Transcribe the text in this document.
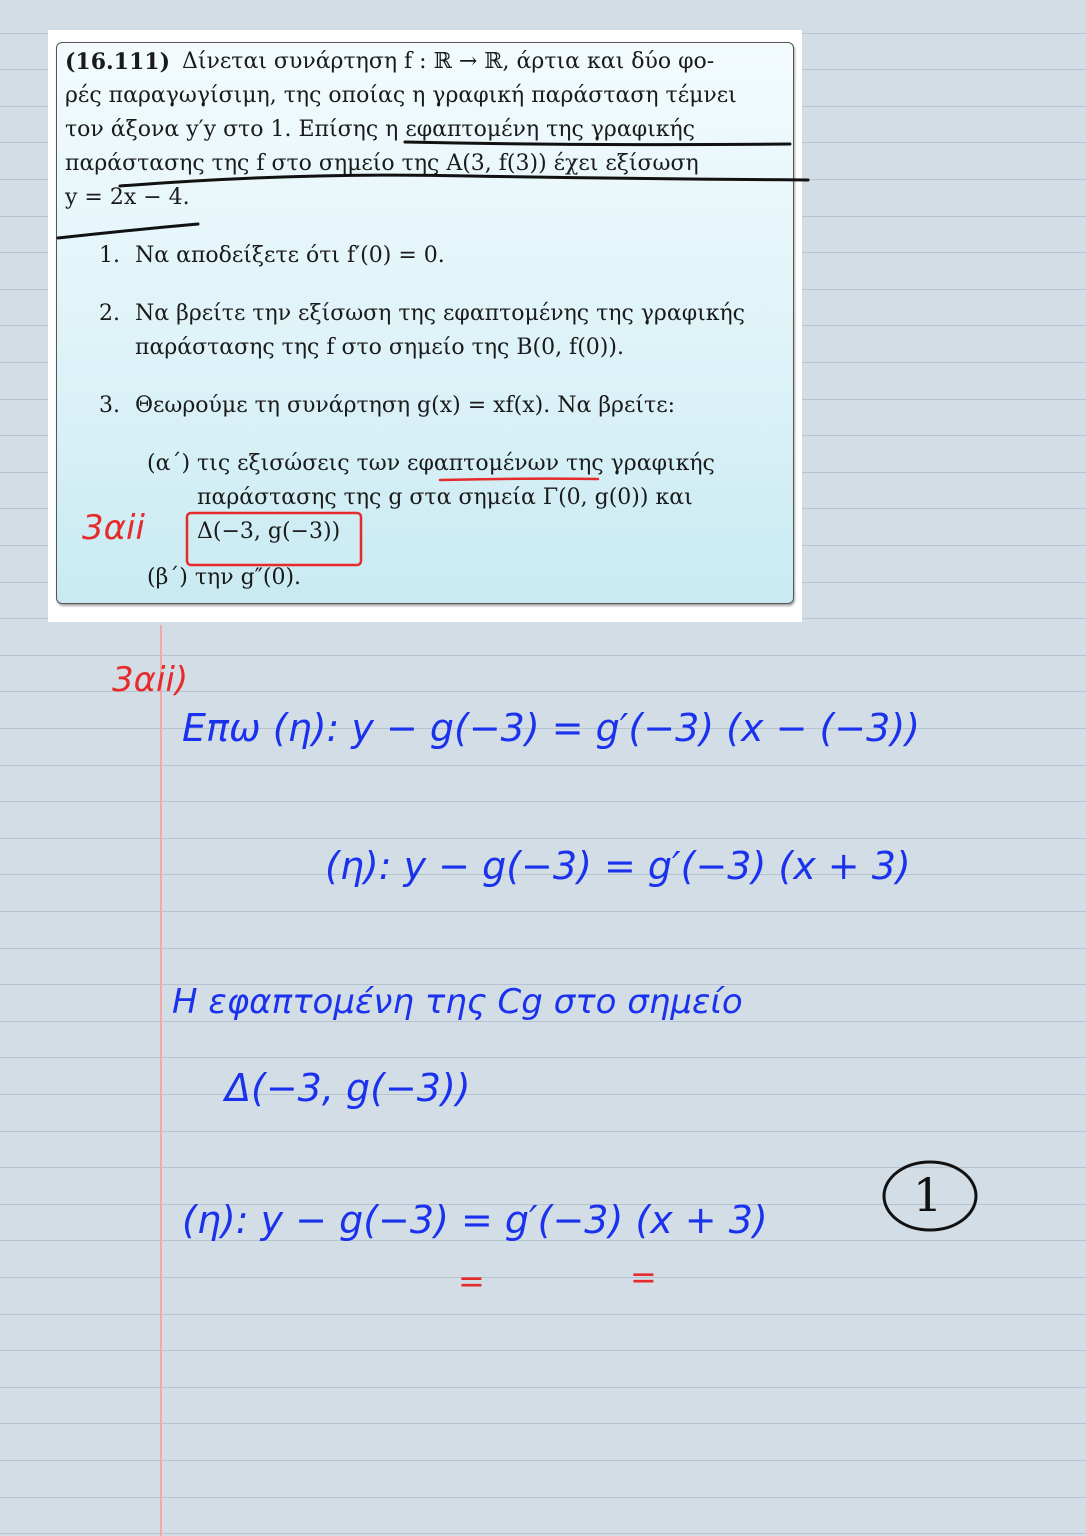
(16.111) Δίνεται συνάρτηση f : ℝ → ℝ, άρτια και δύο φο-
ρές παραγωγίσιμη, της οποίας η γραφική παράσταση τέμνει
τον άξονα y′y στο 1. Επίσης η εφαπτομένη της γραφικής
παράστασης της f στο σημείο της A(3, f(3)) έχει εξίσωση
y = 2x − 4.
1. Να αποδείξετε ότι f′(0) = 0.
2. Να βρείτε την εξίσωση της εφαπτομένης της γραφικής
παράστασης της f στο σημείο της B(0, f(0)).
3. Θεωρούμε τη συνάρτηση g(x) = xf(x). Να βρείτε:
(α΄) τις εξισώσεις των εφαπτομένων της γραφικής
παράστασης της g στα σημεία Γ(0, g(0)) και
Δ(−3, g(−3))
(β΄) την g″(0).
3αii
3αii)
Επω (η): y − g(−3) = g′(−3) (x − (−3))
(η): y − g(−3) = g′(−3) (x + 3)
Η εφαπτομένη της Cg στο σημείο
Δ(−3, g(−3))
(η): y − g(−3) = g′(−3) (x + 3)	1
=	=
